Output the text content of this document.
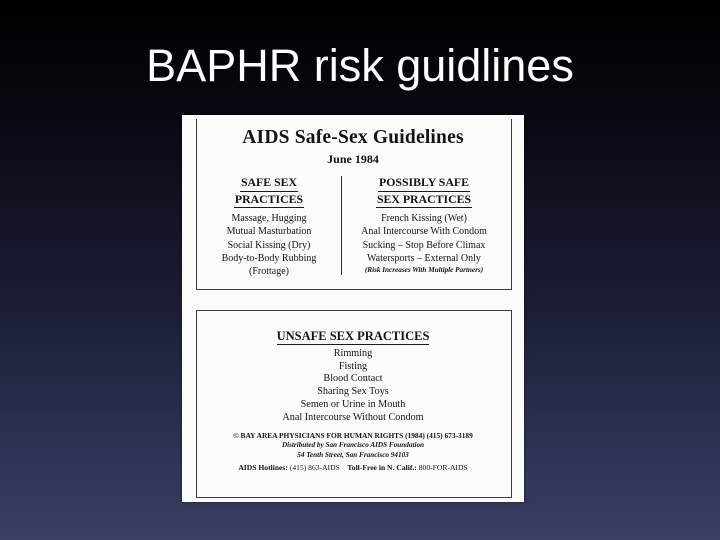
BAPHR risk guidlines
AIDS Safe-Sex Guidelines
June 1984
SAFE SEX
PRACTICES
Massage, Hugging
Mutual Masturbation
Social Kissing (Dry)
Body-to-Body Rubbing
(Frottage)
POSSIBLY SAFE
SEX PRACTICES
French Kissing (Wet)
Anal Intercourse With Condom
Sucking – Stop Before Climax
Watersports – External Only
(Risk Increases With Multiple Partners)
UNSAFE SEX PRACTICES
Rimming
Fisting
Blood Contact
Sharing Sex Toys
Semen or Urine in Mouth
Anal Intercourse Without Condom
© BAY AREA PHYSICIANS FOR HUMAN RIGHTS (1984) (415) 673-3189
Distributed by San Francisco AIDS Foundation
54 Tenth Street, San Francisco 94103
AIDS Hotlines: (415) 863-AIDS Toll-Free in N. Calif.: 800-FOR-AIDS
